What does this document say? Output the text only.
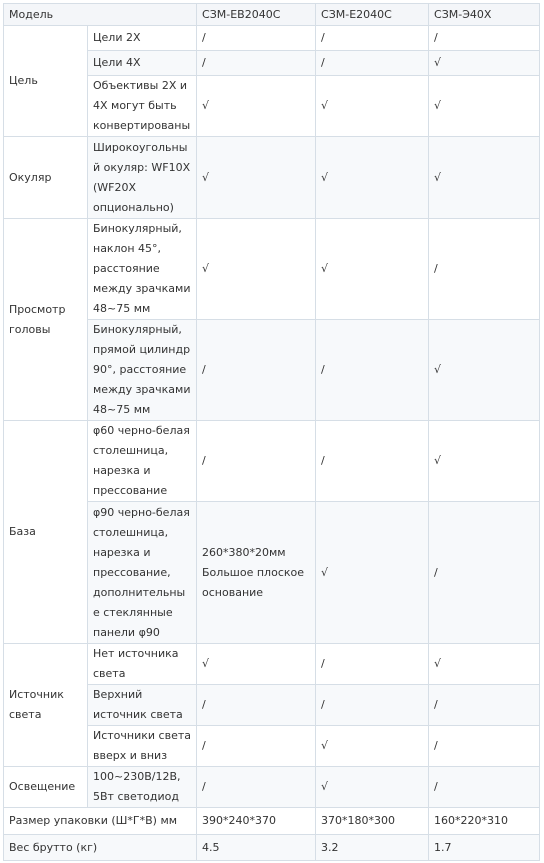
Модель		СЗМ-ЕВ2040С	СЗМ-Е2040С	СЗМ-Э40Х
Цель	Цели 2Х	/	/	/
	Цели 4Х	/	/	√
	Объективы 2Х и 4Х могут быть конвертированы	√	√	√
Окуляр	Широкоугольный окуляр: WF10X (WF20X опционально)	√	√	√
Просмотр головы	Бинокулярный, наклон 45°, расстояние между зрачками 48~75 мм	√	√	/
	Бинокулярный, прямой цилиндр 90°, расстояние между зрачками 48~75 мм	/	/	√
База	φ60 черно-белая столешница, нарезка и прессование	/	/	√
	φ90 черно-белая столешница, нарезка и прессование, дополнительные стеклянные панели φ90	260*380*20мм Большое плоское основание	√	/
Источник света	Нет источника света	√	/	√
	Верхний источник света	/	/	/
	Источники света вверх и вниз	/	√	/
Освещение	100~230В/12В, 5Вт светодиод	/	√	/
Размер упаковки (Ш*Г*В) мм		390*240*370	370*180*300	160*220*310
Вес брутто (кг)		4.5	3.2	1.7
